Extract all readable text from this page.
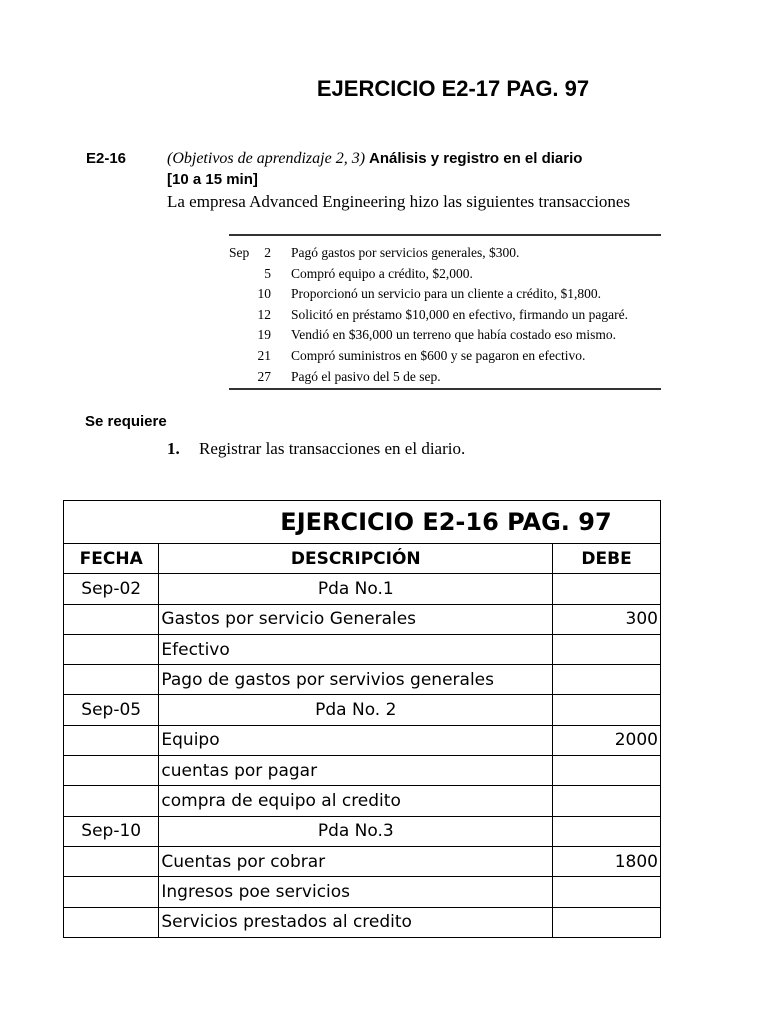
EJERCICIO E2-17 PAG. 97
E2-16	(Objetivos de aprendizaje 2, 3) Análisis y registro en el diario
[10 a 15 min]
La empresa Advanced Engineering hizo las siguientes transacciones
Sep	2 Pagó gastos por servicios generales, $300.
5 Compró equipo a crédito, $2,000.
10 Proporcionó un servicio para un cliente a crédito, $1,800.
12 Solicitó en préstamo $10,000 en efectivo, firmando un pagaré.
19 Vendió en $36,000 un terreno que había costado eso mismo.
21 Compró suministros en $600 y se pagaron en efectivo.
27 Pagó el pasivo del 5 de sep.
Se requiere
1. Registrar las transacciones en el diario.
EJERCICIO E2-16 PAG. 97		
FECHA	DESCRIPCIÓN	DEBE
Sep-02	Pda No.1	
	Gastos por servicio Generales	300
	Efectivo	
	Pago de gastos por servivios generales	
Sep-05	Pda No. 2	
	Equipo	2000
	cuentas por pagar	
	compra de equipo al credito	
Sep-10	Pda No.3	
	Cuentas por cobrar	1800
	Ingresos poe servicios	
	Servicios prestados al credito	
